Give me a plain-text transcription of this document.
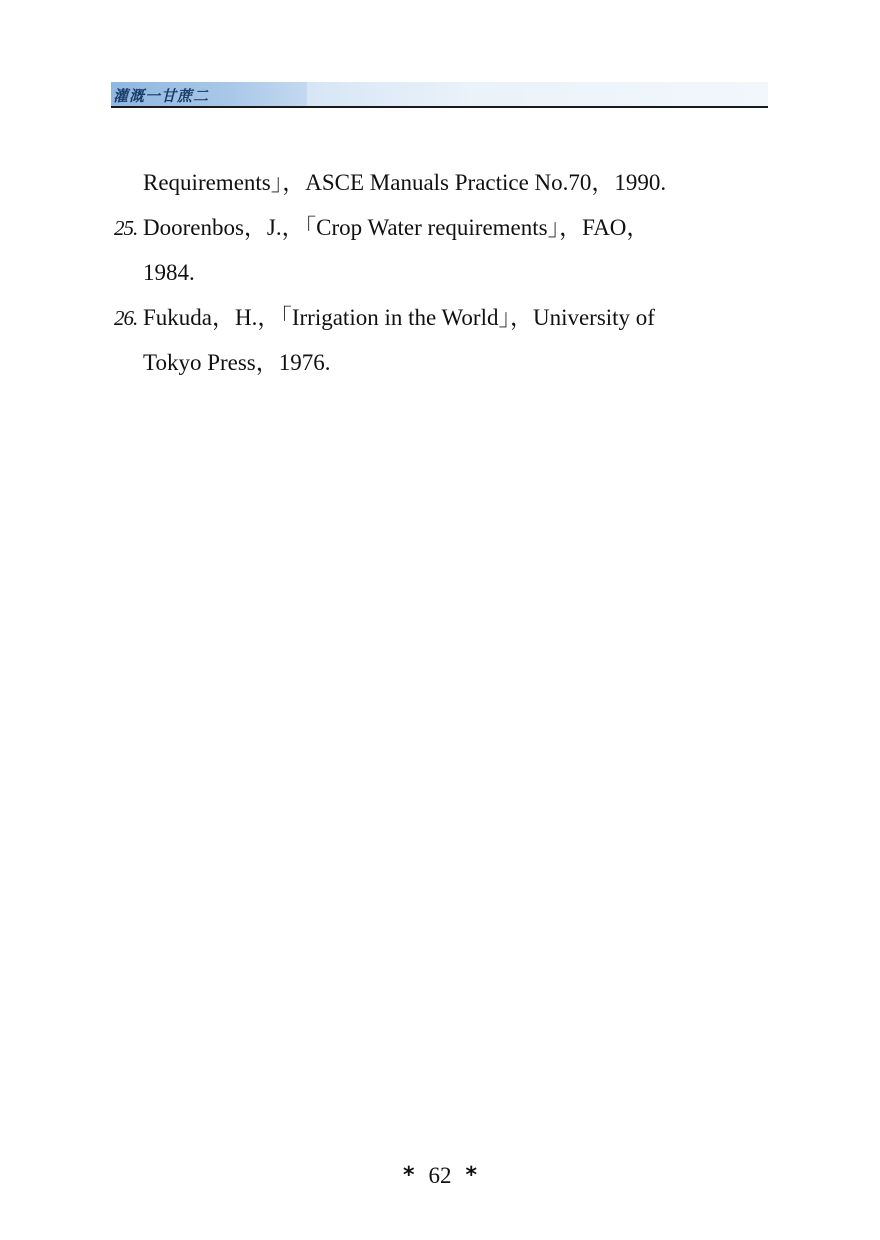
灌溉一甘蔗二
Requirements」，ASCE Manuals Practice No.70，1990.
25. Doorenbos，J.，「Crop Water requirements」，FAO，
1984.
26. Fukuda，H.，「Irrigation in the World」，University of
Tokyo Press，1976.
* 62 *
